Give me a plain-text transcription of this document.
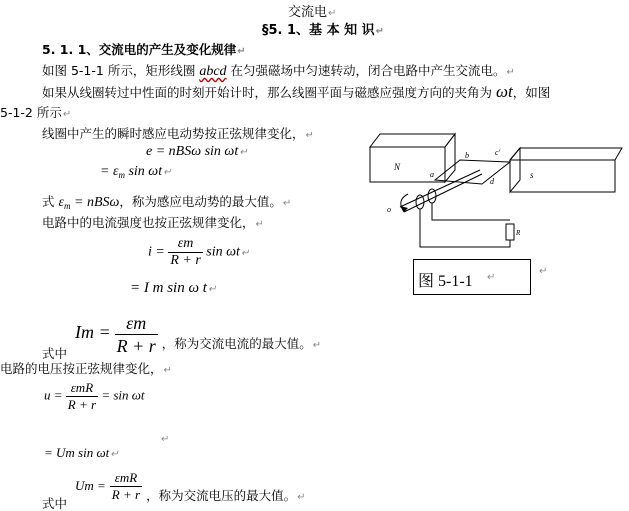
交流电↵
§5. 1、基 本 知 识↵
5. 1. 1、交流电的产生及变化规律↵
如图 5-1-1 所示，矩形线圈 abcd 在匀强磁场中匀速转动，闭合电路中产生交流电。↵
如果从线圈转过中性面的时刻开始计时，那么线圈平面与磁感应强度方向的夹角为 ωt，如图
5-1-2 所示↵
线圈中产生的瞬时感应电动势按正弦规律变化，↵
e = nBSω sin ωt↵
= $\varepsilon_m$ sin ωt↵
式 $\varepsilon_m = nBS\omega$，称为感应电动势的最大值。↵
电路中的电流强度也按正弦规律变化，↵
$i = \frac{\varepsilon m}{R + r}$ sin ωt↵
= I m sin ω t↵
式中 $Im = \frac{\varepsilon m}{R + r}$ ，称为交流电流的最大值。$_↵$
电路的电压按正弦规律变化，↵
$u = \frac{\text{εmR}}{R + r} = \sin \omega t$
↵
= Um sin ωt↵
式中 $Um = \frac{\text{εmR}}{R + r}$ ，称为交流电压的最大值。$_↵$
N
s
a
b	c'
d
o
R
图 5-1-1 ↵
↵
